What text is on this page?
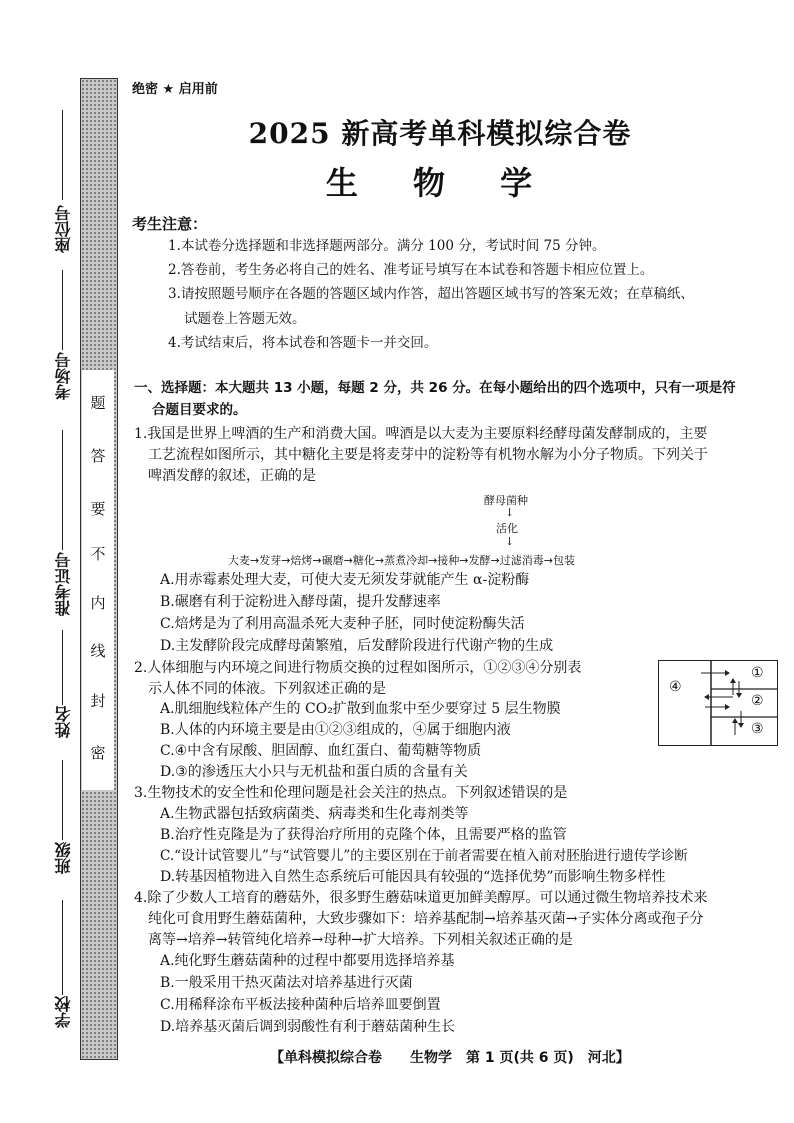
题
答
要
不
内
线
封
密
座位号
考场号
准考证号
姓名
班级
学校
绝密 ★ 启用前
2025 新高考单科模拟综合卷
生 物 学
考生注意：
1.本试卷分选择题和非选择题两部分。满分 100 分，考试时间 75 分钟。
2.答卷前，考生务必将自己的姓名、准考证号填写在本试卷和答题卡相应位置上。
3.请按照题号顺序在各题的答题区域内作答，超出答题区域书写的答案无效；在草稿纸、
试题卷上答题无效。
4.考试结束后，将本试卷和答题卡一并交回。
一、选择题：本大题共 13 小题，每题 2 分，共 26 分。在每小题给出的四个选项中，只有一项是符
合题目要求的。
1.我国是世界上啤酒的生产和消费大国。啤酒是以大麦为主要原料经酵母菌发酵制成的，主要
工艺流程如图所示，其中糖化主要是将麦芽中的淀粉等有机物水解为小分子物质。下列关于
啤酒发酵的叙述，正确的是
酵母菌种
↓
活化
↓
大麦→发芽→焙烤→碾磨→糖化→蒸煮冷却→接种→发酵→过滤消毒→包装
A.用赤霉素处理大麦，可使大麦无须发芽就能产生 α-淀粉酶
B.碾磨有利于淀粉进入酵母菌，提升发酵速率
C.焙烤是为了利用高温杀死大麦种子胚，同时使淀粉酶失活
D.主发酵阶段完成酵母菌繁殖，后发酵阶段进行代谢产物的生成
2.人体细胞与内环境之间进行物质交换的过程如图所示，①②③④分别表
示人体不同的体液。下列叙述正确的是
①
②
③
④
A.肌细胞线粒体产生的 CO₂扩散到血浆中至少要穿过 5 层生物膜
B.人体的内环境主要是由①②③组成的，④属于细胞内液
C.④中含有尿酸、胆固醇、血红蛋白、葡萄糖等物质
D.③的渗透压大小只与无机盐和蛋白质的含量有关
3.生物技术的安全性和伦理问题是社会关注的热点。下列叙述错误的是
A.生物武器包括致病菌类、病毒类和生化毒剂类等
B.治疗性克隆是为了获得治疗所用的克隆个体，且需要严格的监管
C.“设计试管婴儿”与“试管婴儿”的主要区别在于前者需要在植入前对胚胎进行遗传学诊断
D.转基因植物进入自然生态系统后可能因具有较强的“选择优势”而影响生物多样性
4.除了少数人工培育的蘑菇外，很多野生蘑菇味道更加鲜美醇厚。可以通过微生物培养技术来
纯化可食用野生蘑菇菌种，大致步骤如下：培养基配制→培养基灭菌→子实体分离或孢子分
离等→培养→转管纯化培养→母种→扩大培养。下列相关叙述正确的是
A.纯化野生蘑菇菌种的过程中都要用选择培养基
B.一般采用干热灭菌法对培养基进行灭菌
C.用稀释涂布平板法接种菌种后培养皿要倒置
D.培养基灭菌后调到弱酸性有利于蘑菇菌种生长
【单科模拟综合卷　　生物学　第 1 页(共 6 页)　河北】
